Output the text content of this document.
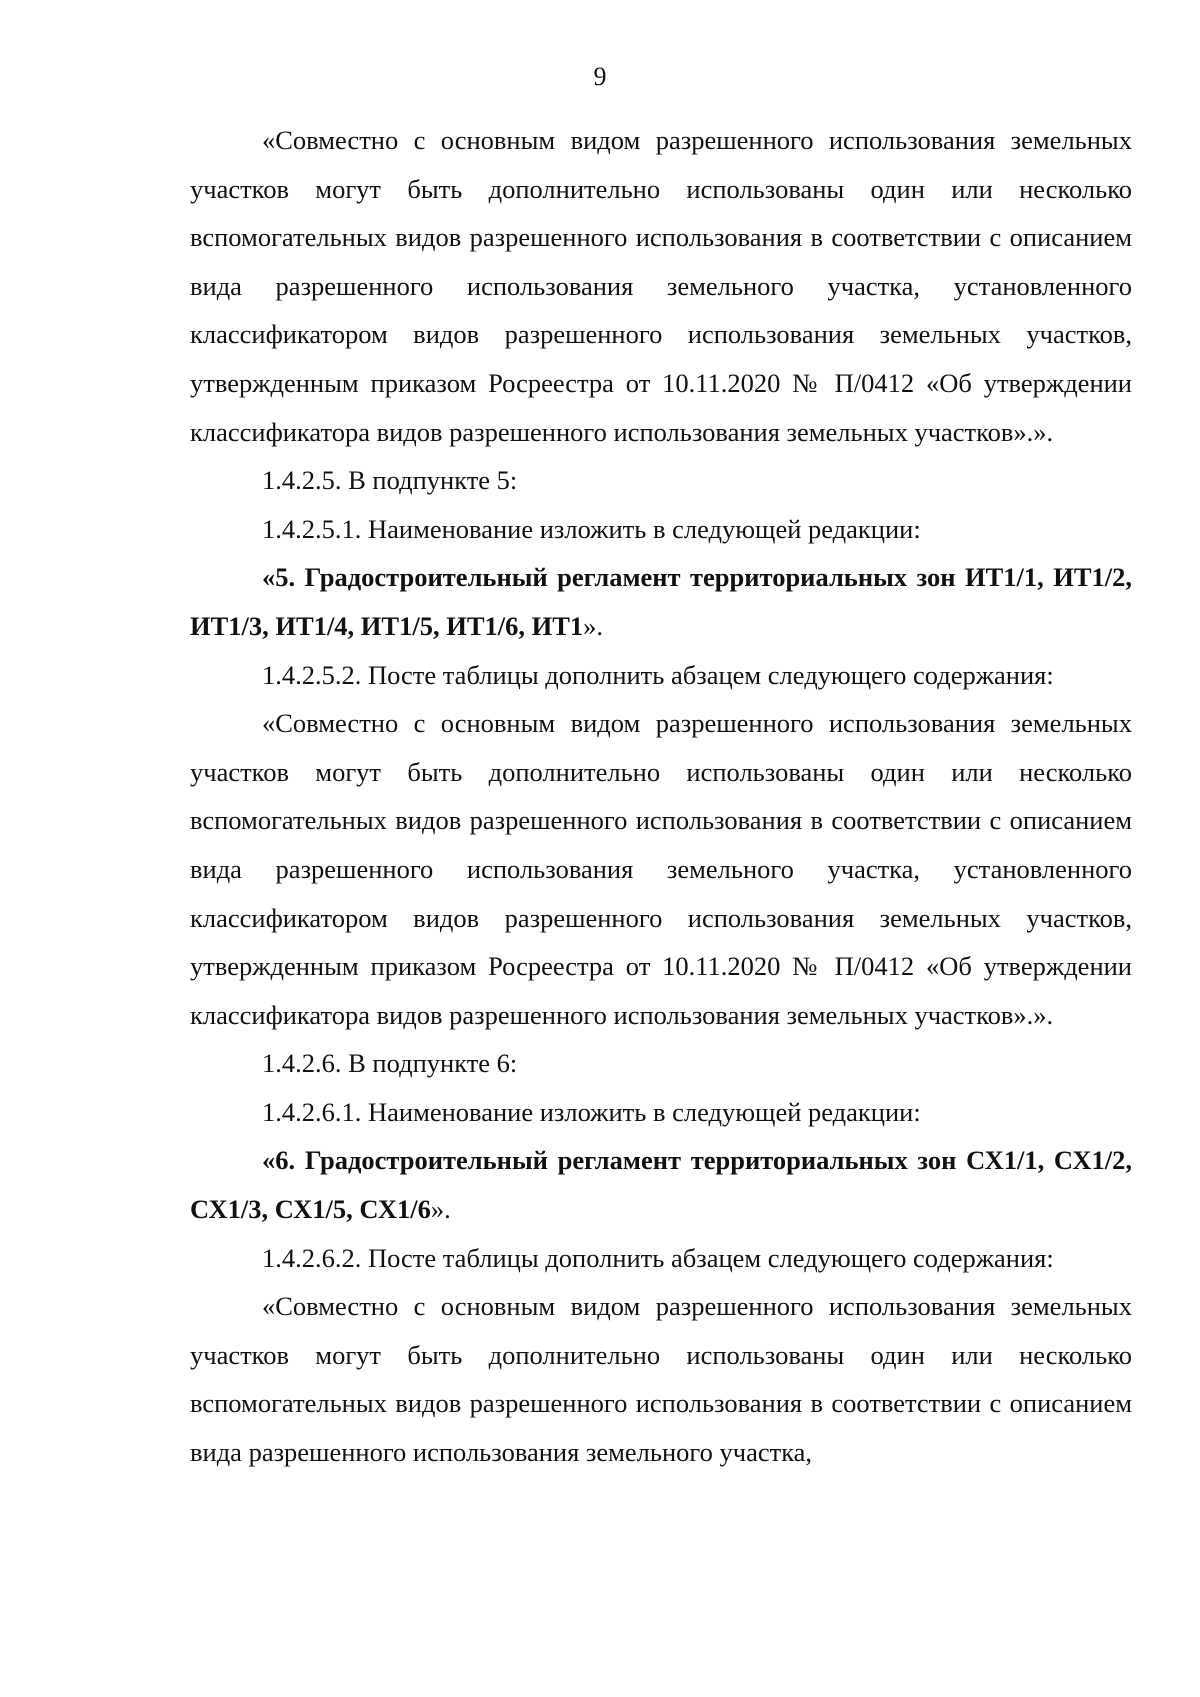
9

«Совместно с основным видом разрешенного использования земельных участков могут быть дополнительно использованы один или несколько вспомогательных видов разрешенного использования в соответствии с описанием вида разрешенного использования земельного участка, установленного классификатором видов разрешенного использования земельных участков, утвержденным приказом Росреестра от 10.11.2020 № П/0412 «Об утверждении классификатора видов разрешенного использования земельных участков».».

1.4.2.5. В подпункте 5:

1.4.2.5.1. Наименование изложить в следующей редакции:

«5. Градостроительный регламент территориальных зон ИТ1/1, ИТ1/2, ИТ1/3, ИТ1/4, ИТ1/5, ИТ1/6, ИТ1».

1.4.2.5.2. Посте таблицы дополнить абзацем следующего содержания:

«Совместно с основным видом разрешенного использования земельных участков могут быть дополнительно использованы один или несколько вспомогательных видов разрешенного использования в соответствии с описанием вида разрешенного использования земельного участка, установленного классификатором видов разрешенного использования земельных участков, утвержденным приказом Росреестра от 10.11.2020 № П/0412 «Об утверждении классификатора видов разрешенного использования земельных участков».».

1.4.2.6. В подпункте 6:

1.4.2.6.1. Наименование изложить в следующей редакции:

«6. Градостроительный регламент территориальных зон СХ1/1, СХ1/2, СХ1/3, СХ1/5, СХ1/6».

1.4.2.6.2. Посте таблицы дополнить абзацем следующего содержания:

«Совместно с основным видом разрешенного использования земельных участков могут быть дополнительно использованы один или несколько вспомогательных видов разрешенного использования в соответствии с описанием вида разрешенного использования земельного участка,
